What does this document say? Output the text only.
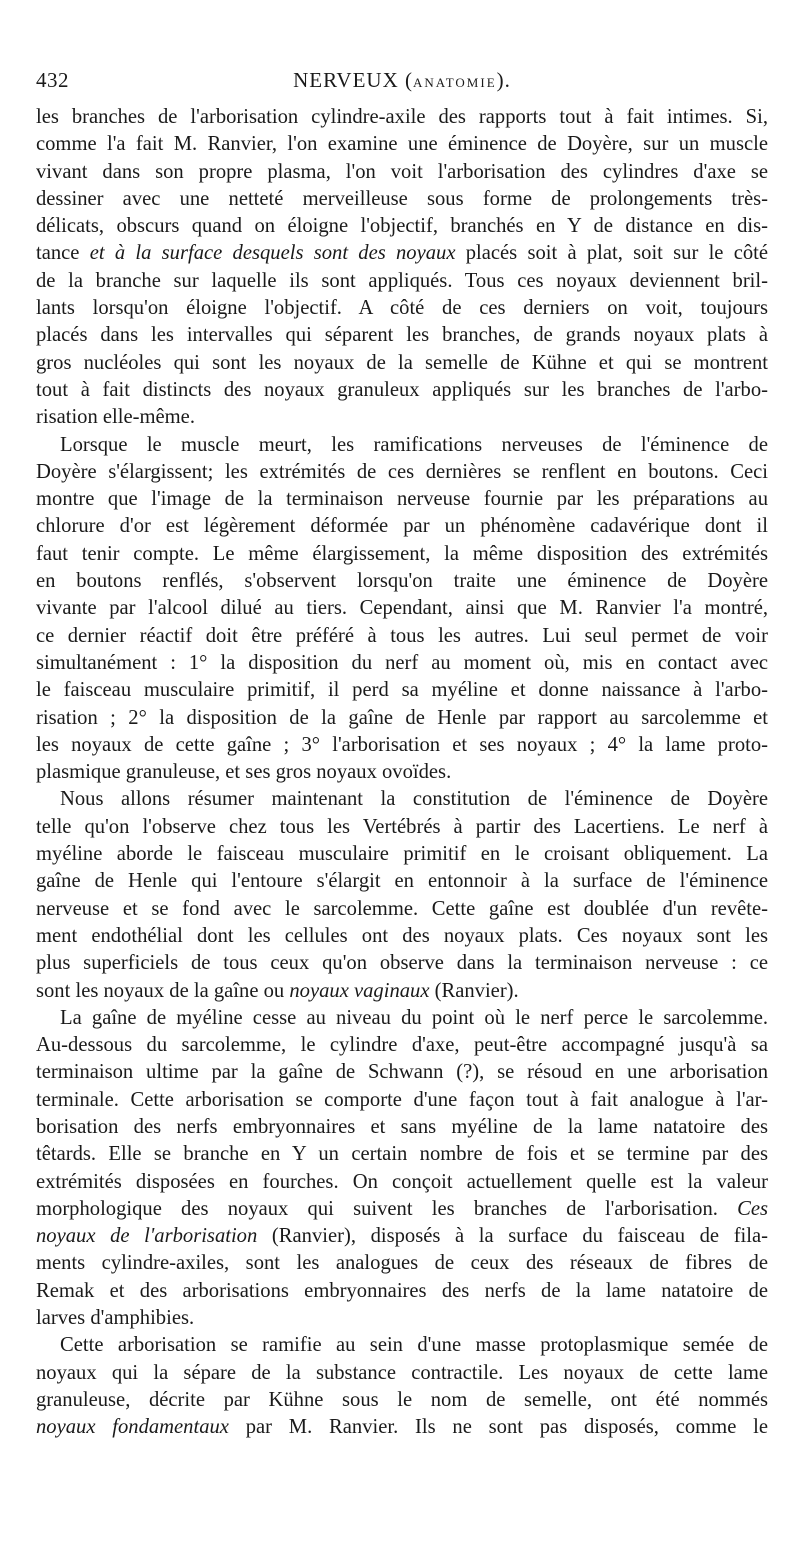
432	NERVEUX (ANATOMIE).
les branches de l'arborisation cylindre-axile des rapports tout à fait intimes. Si,
comme l'a fait M. Ranvier, l'on examine une éminence de Doyère, sur un muscle
vivant dans son propre plasma, l'on voit l'arborisation des cylindres d'axe se
dessiner avec une netteté merveilleuse sous forme de prolongements très-
délicats, obscurs quand on éloigne l'objectif, branchés en Y de distance en dis-
tance et à la surface desquels sont des noyaux placés soit à plat, soit sur le côté
de la branche sur laquelle ils sont appliqués. Tous ces noyaux deviennent bril-
lants lorsqu'on éloigne l'objectif. A côté de ces derniers on voit, toujours
placés dans les intervalles qui séparent les branches, de grands noyaux plats à
gros nucléoles qui sont les noyaux de la semelle de Kühne et qui se montrent
tout à fait distincts des noyaux granuleux appliqués sur les branches de l'arbo-
risation elle-même.
Lorsque le muscle meurt, les ramifications nerveuses de l'éminence de
Doyère s'élargissent; les extrémités de ces dernières se renflent en boutons. Ceci
montre que l'image de la terminaison nerveuse fournie par les préparations au
chlorure d'or est légèrement déformée par un phénomène cadavérique dont il
faut tenir compte. Le même élargissement, la même disposition des extrémités
en boutons renflés, s'observent lorsqu'on traite une éminence de Doyère
vivante par l'alcool dilué au tiers. Cependant, ainsi que M. Ranvier l'a montré,
ce dernier réactif doit être préféré à tous les autres. Lui seul permet de voir
simultanément : 1° la disposition du nerf au moment où, mis en contact avec
le faisceau musculaire primitif, il perd sa myéline et donne naissance à l'arbo-
risation ; 2° la disposition de la gaîne de Henle par rapport au sarcolemme et
les noyaux de cette gaîne ; 3° l'arborisation et ses noyaux ; 4° la lame proto-
plasmique granuleuse, et ses gros noyaux ovoïdes.
Nous allons résumer maintenant la constitution de l'éminence de Doyère
telle qu'on l'observe chez tous les Vertébrés à partir des Lacertiens. Le nerf à
myéline aborde le faisceau musculaire primitif en le croisant obliquement. La
gaîne de Henle qui l'entoure s'élargit en entonnoir à la surface de l'éminence
nerveuse et se fond avec le sarcolemme. Cette gaîne est doublée d'un revête-
ment endothélial dont les cellules ont des noyaux plats. Ces noyaux sont les
plus superficiels de tous ceux qu'on observe dans la terminaison nerveuse : ce
sont les noyaux de la gaîne ou noyaux vaginaux (Ranvier).
La gaîne de myéline cesse au niveau du point où le nerf perce le sarcolemme.
Au-dessous du sarcolemme, le cylindre d'axe, peut-être accompagné jusqu'à sa
terminaison ultime par la gaîne de Schwann (?), se résoud en une arborisation
terminale. Cette arborisation se comporte d'une façon tout à fait analogue à l'ar-
borisation des nerfs embryonnaires et sans myéline de la lame natatoire des
têtards. Elle se branche en Y un certain nombre de fois et se termine par des
extrémités disposées en fourches. On conçoit actuellement quelle est la valeur
morphologique des noyaux qui suivent les branches de l'arborisation. Ces
noyaux de l'arborisation (Ranvier), disposés à la surface du faisceau de fila-
ments cylindre-axiles, sont les analogues de ceux des réseaux de fibres de
Remak et des arborisations embryonnaires des nerfs de la lame natatoire de
larves d'amphibies.
Cette arborisation se ramifie au sein d'une masse protoplasmique semée de
noyaux qui la sépare de la substance contractile. Les noyaux de cette lame
granuleuse, décrite par Kühne sous le nom de semelle, ont été nommés
noyaux fondamentaux par M. Ranvier. Ils ne sont pas disposés, comme le
